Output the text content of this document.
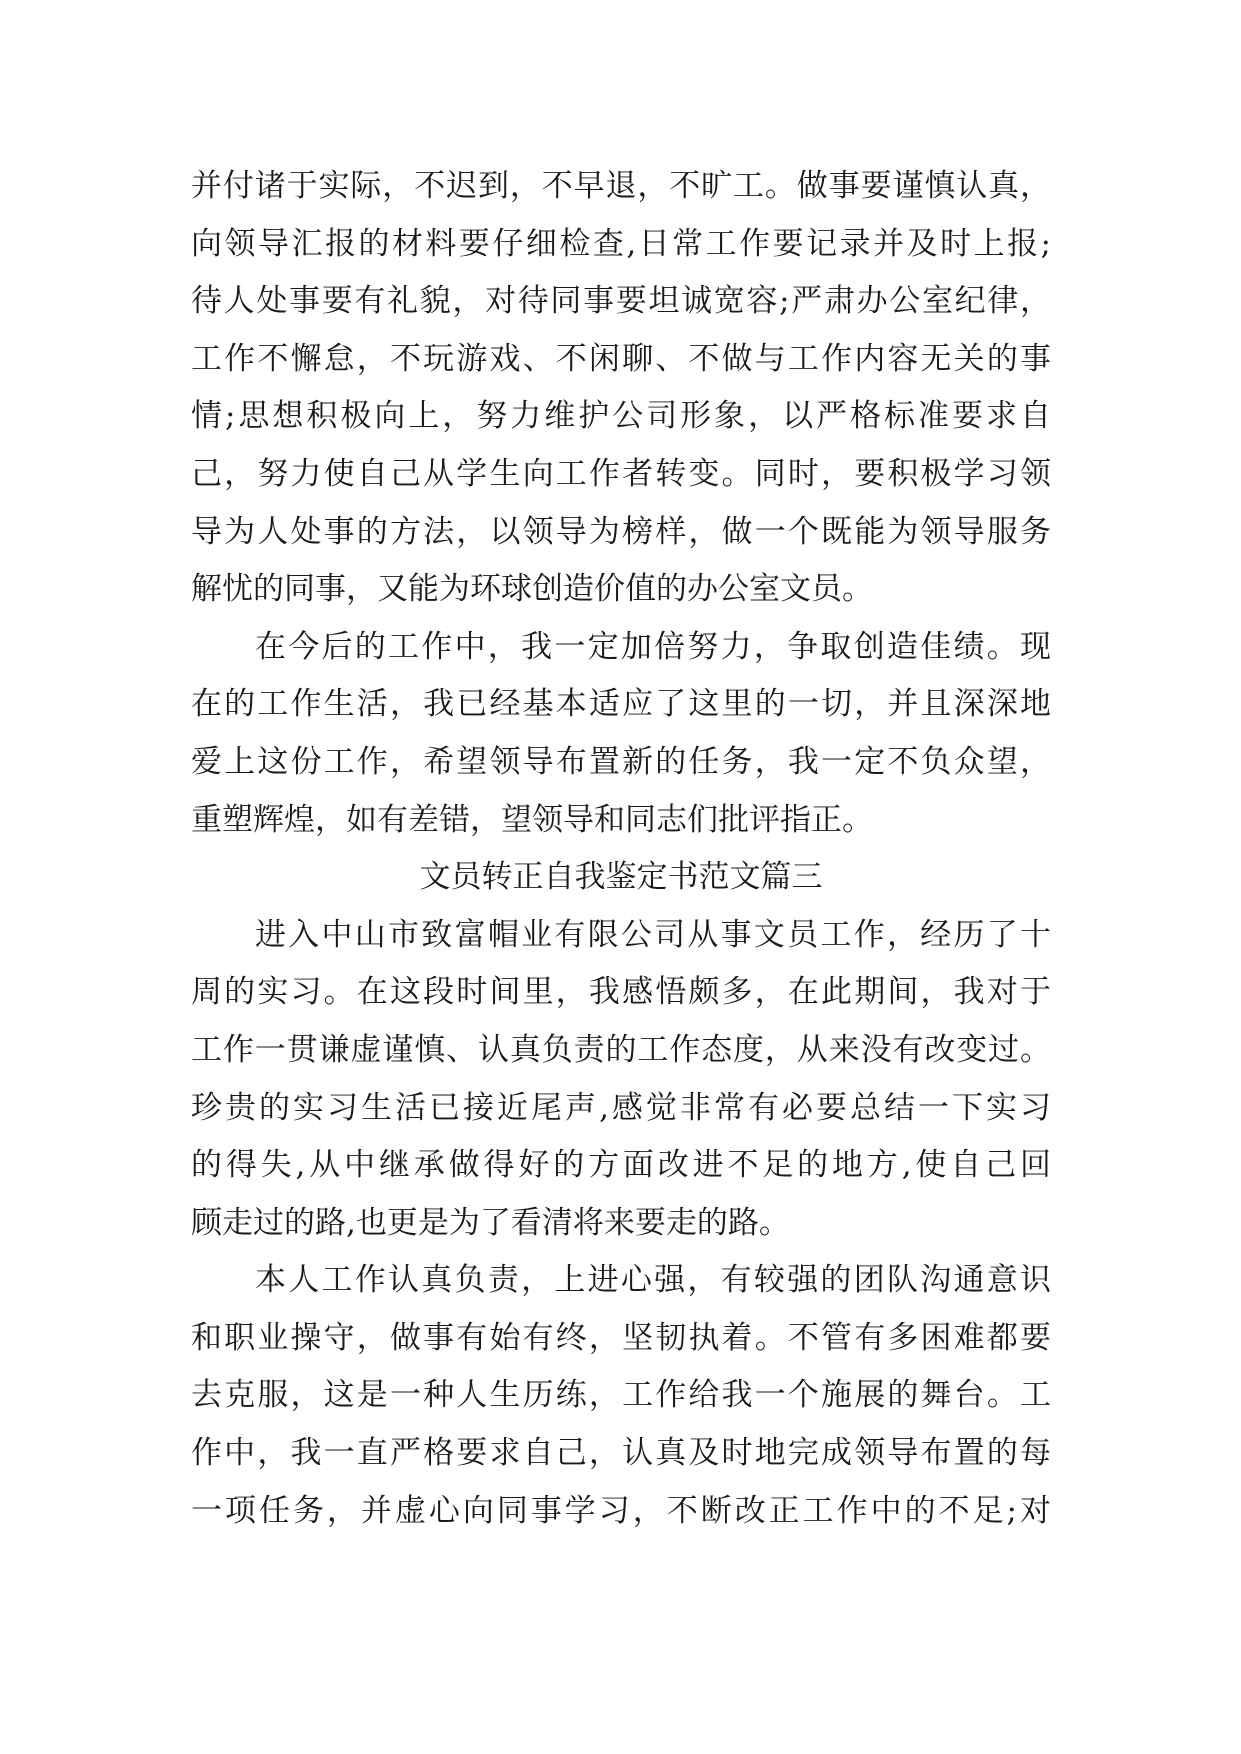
并付诸于实际，不迟到，不早退，不旷工。做事要谨慎认真，
向领导汇报的材料要仔细检查,日常工作要记录并及时上报;
待人处事要有礼貌，对待同事要坦诚宽容;严肃办公室纪律，
工作不懈怠，不玩游戏、不闲聊、不做与工作内容无关的事
情;思想积极向上，努力维护公司形象，以严格标准要求自
己，努力使自己从学生向工作者转变。同时，要积极学习领
导为人处事的方法，以领导为榜样，做一个既能为领导服务
解忧的同事，又能为环球创造价值的办公室文员。
在今后的工作中，我一定加倍努力，争取创造佳绩。现
在的工作生活，我已经基本适应了这里的一切，并且深深地
爱上这份工作，希望领导布置新的任务，我一定不负众望，
重塑辉煌，如有差错，望领导和同志们批评指正。
文员转正自我鉴定书范文篇三
进入中山市致富帽业有限公司从事文员工作，经历了十
周的实习。在这段时间里，我感悟颇多，在此期间，我对于
工作一贯谦虚谨慎、认真负责的工作态度，从来没有改变过。
珍贵的实习生活已接近尾声,感觉非常有必要总结一下实习
的得失,从中继承做得好的方面改进不足的地方,使自己回
顾走过的路,也更是为了看清将来要走的路。
本人工作认真负责，上进心强，有较强的团队沟通意识
和职业操守，做事有始有终，坚韧执着。不管有多困难都要
去克服，这是一种人生历练，工作给我一个施展的舞台。工
作中，我一直严格要求自己，认真及时地完成领导布置的每
一项任务，并虚心向同事学习，不断改正工作中的不足;对
